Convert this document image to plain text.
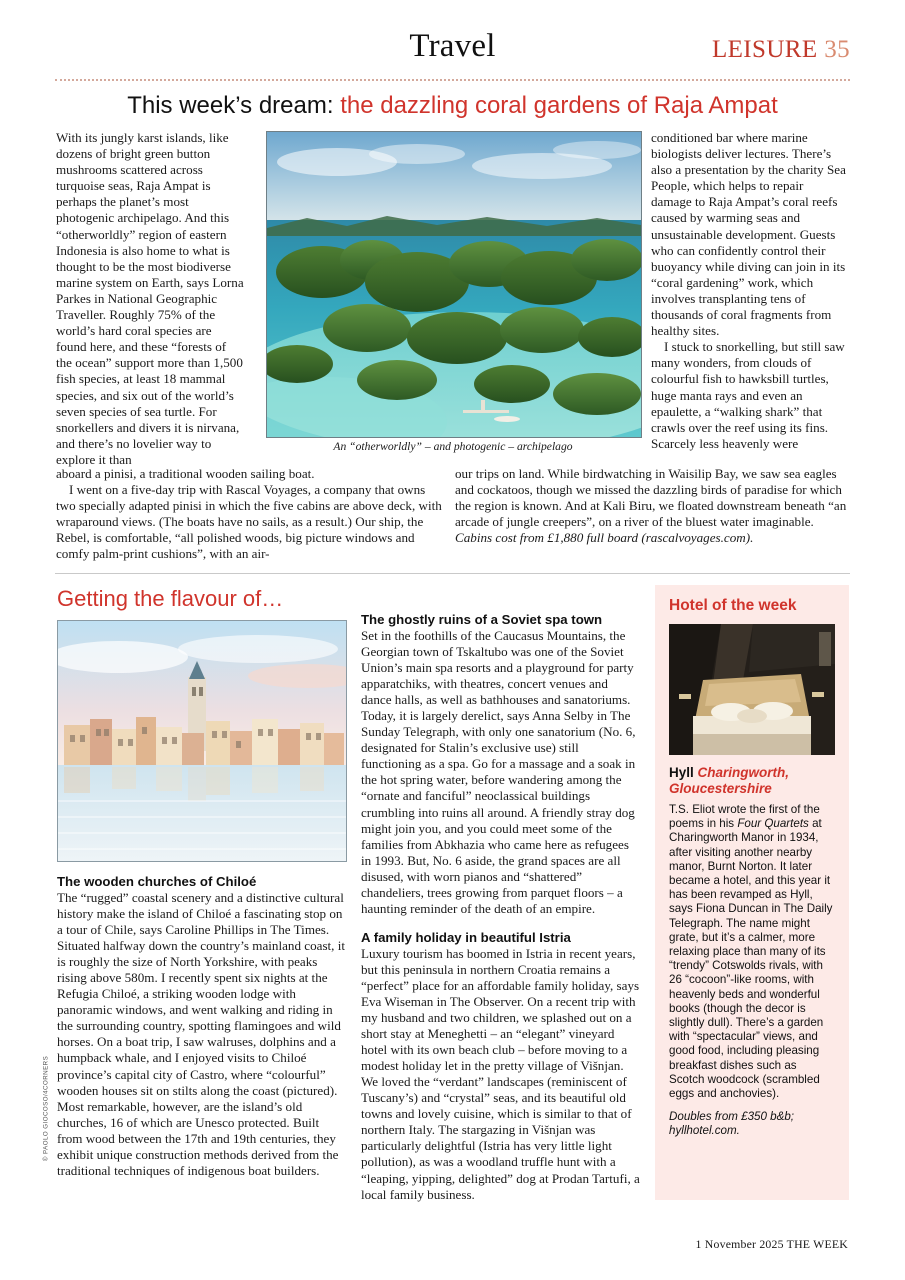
Travel	LEISURE 35
This week’s dream: the dazzling coral gardens of Raja Ampat
With its jungly karst islands, like dozens of bright green button mushrooms scattered across turquoise seas, Raja Ampat is perhaps the planet’s most photogenic archipelago. And this “otherworldly” region of eastern Indonesia is also home to what is thought to be the most biodiverse marine system on Earth, says Lorna Parkes in National Geographic Traveller. Roughly 75% of the world’s hard coral species are found here, and these “forests of the ocean” support more than 1,500 fish species, at least 18 mammal species, and six out of the world’s seven species of sea turtle. For snorkellers and divers it is nirvana, and there’s no lovelier way to explore it than
An “otherworldly” – and photogenic – archipelago
conditioned bar where marine biologists deliver lectures. There’s also a presentation by the charity Sea People, which helps to repair damage to Raja Ampat’s coral reefs caused by warming seas and unsustainable development. Guests who can confidently control their buoyancy while diving can join in its “coral gardening” work, which involves transplanting tens of thousands of coral fragments from healthy sites.
I stuck to snorkelling, but still saw many wonders, from clouds of colourful fish to hawksbill turtles, huge manta rays and even an epaulette, a “walking shark” that crawls over the reef using its fins. Scarcely less heavenly were
aboard a pinisi, a traditional wooden sailing boat.
I went on a five-day trip with Rascal Voyages, a company that owns two specially adapted pinisi in which the five cabins are above deck, with wraparound views. (The boats have no sails, as a result.) Our ship, the Rebel, is comfortable, “all polished woods, big picture windows and comfy palm-print cushions”, with an air-
our trips on land. While birdwatching in Waisilip Bay, we saw sea eagles and cockatoos, though we missed the dazzling birds of paradise for which the region is known. And at Kali Biru, we floated downstream beneath “an arcade of jungle creepers”, on a river of the bluest water imaginable. Cabins cost from £1,880 full board (rascalvoyages.com).
Getting the flavour of…
The wooden churches of Chiloé
The “rugged” coastal scenery and a distinctive cultural history make the island of Chiloé a fascinating stop on a tour of Chile, says Caroline Phillips in The Times. Situated halfway down the country’s mainland coast, it is roughly the size of North Yorkshire, with peaks rising above 580m. I recently spent six nights at the Refugia Chiloé, a striking wooden lodge with panoramic windows, and went walking and riding in the surrounding country, spotting flamingoes and wild horses. On a boat trip, I saw walruses, dolphins and a humpback whale, and I enjoyed visits to Chiloé province’s capital city of Castro, where “colourful” wooden houses sit on stilts along the coast (pictured). Most remarkable, however, are the island’s old churches, 16 of which are Unesco protected. Built from wood between the 17th and 19th centuries, they exhibit unique construction methods derived from the traditional techniques of indigenous boat builders.
The ghostly ruins of a Soviet spa town
Set in the foothills of the Caucasus Mountains, the Georgian town of Tskaltubo was one of the Soviet Union’s main spa resorts and a playground for party apparatchiks, with theatres, concert venues and dance halls, as well as bathhouses and sanatoriums. Today, it is largely derelict, says Anna Selby in The Sunday Telegraph, with only one sanatorium (No. 6, designated for Stalin’s exclusive use) still functioning as a spa. Go for a massage and a soak in the hot spring water, before wandering among the “ornate and fanciful” neoclassical buildings crumbling into ruins all around. A friendly stray dog might join you, and you could meet some of the families from Abkhazia who came here as refugees in 1993. But, No. 6 aside, the grand spaces are all disused, with worn pianos and “shattered” chandeliers, trees growing from parquet floors – a haunting reminder of the death of an empire.
A family holiday in beautiful Istria
Luxury tourism has boomed in Istria in recent years, but this peninsula in northern Croatia remains a “perfect” place for an affordable family holiday, says Eva Wiseman in The Observer. On a recent trip with my husband and two children, we splashed out on a short stay at Meneghetti – an “elegant” vineyard hotel with its own beach club – before moving to a modest holiday let in the pretty village of Višnjan. We loved the “verdant” landscapes (reminiscent of Tuscany’s) and “crystal” seas, and its beautiful old towns and lovely cuisine, which is similar to that of northern Italy. The stargazing in Višnjan was particularly delightful (Istria has very little light pollution), as was a woodland truffle hunt with a “leaping, yipping, delighted” dog at Prodan Tartufi, a local family business.
Hotel of the week
Hyll Charingworth, Gloucestershire
T.S. Eliot wrote the first of the poems in his Four Quartets at Charingworth Manor in 1934, after visiting another nearby manor, Burnt Norton. It later became a hotel, and this year it has been revamped as Hyll, says Fiona Duncan in The Daily Telegraph. The name might grate, but it’s a calmer, more relaxing place than many of its “trendy” Cotswolds rivals, with 26 “cocoon”-like rooms, with heavenly beds and wonderful books (though the decor is slightly dull). There’s a garden with “spectacular” views, and good food, including pleasing breakfast dishes such as Scotch woodcock (scrambled eggs and anchovies).
Doubles from £350 b&b; hyllhotel.com.
© PAOLO GIOCOSO/4CORNERS
1 November 2025 THE WEEK
